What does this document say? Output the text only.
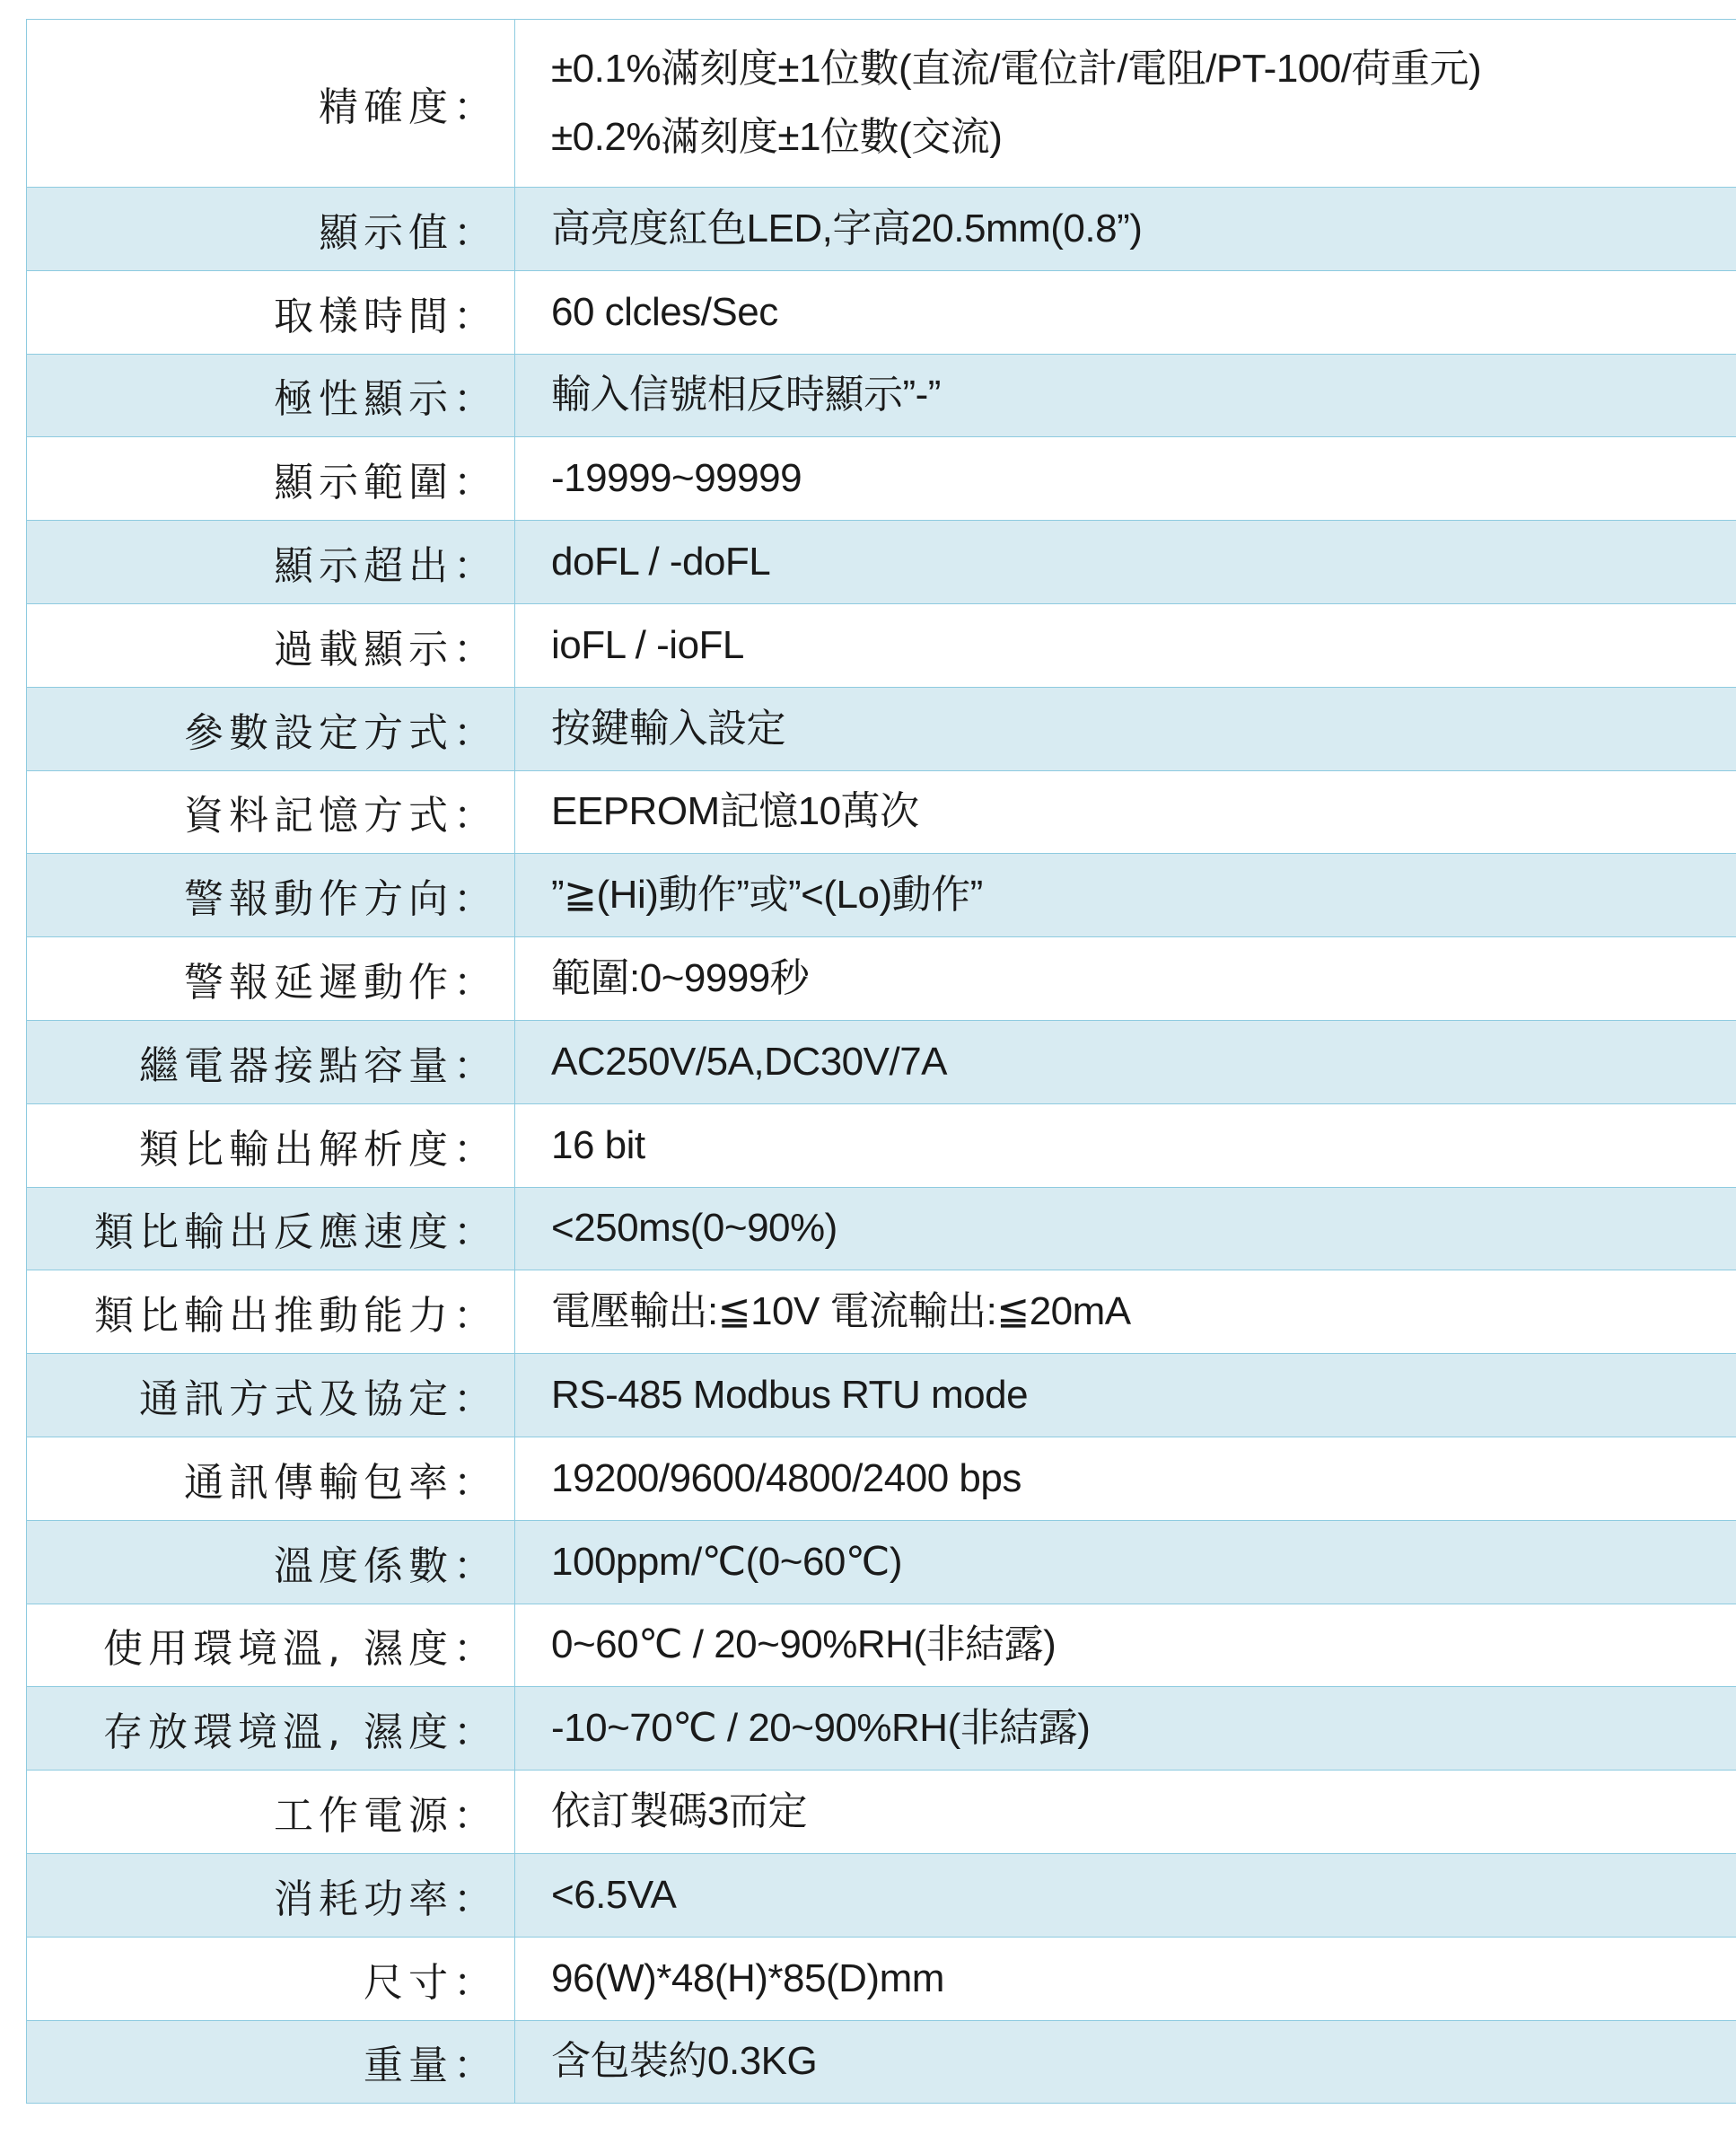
精確度：	±0.1%滿刻度±1位數(直流/電位計/電阻/PT-100/荷重元)
±0.2%滿刻度±1位數(交流)

顯示值：	高亮度紅色LED,字高20.5mm(0.8”)

取樣時間：	60 clcles/Sec

極性顯示：	輸入信號相反時顯示”-”

顯示範圍：	-19999~99999

顯示超出：	doFL / -doFL

過載顯示：	ioFL / -ioFL

參數設定方式：	按鍵輸入設定

資料記憶方式：	EEPROM記憶10萬次

警報動作方向：	”≧(Hi)動作”或”<(Lo)動作”

警報延遲動作：	範圍:0~9999秒

繼電器接點容量：	AC250V/5A,DC30V/7A

類比輸出解析度：	16 bit

類比輸出反應速度：	<250ms(0~90%)

類比輸出推動能力：	電壓輸出:≦10V 電流輸出:≦20mA

通訊方式及協定：	RS-485 Modbus RTU mode

通訊傳輸包率：	19200/9600/4800/2400 bps

溫度係數：	100ppm/℃(0~60℃)

使用環境溫, 濕度：	0~60℃ / 20~90%RH(非結露)

存放環境溫, 濕度：	-10~70℃ / 20~90%RH(非結露)

工作電源：	依訂製碼3而定

消耗功率：	<6.5VA

尺寸：	96(W)*48(H)*85(D)mm

重量：	含包裝約0.3KG
